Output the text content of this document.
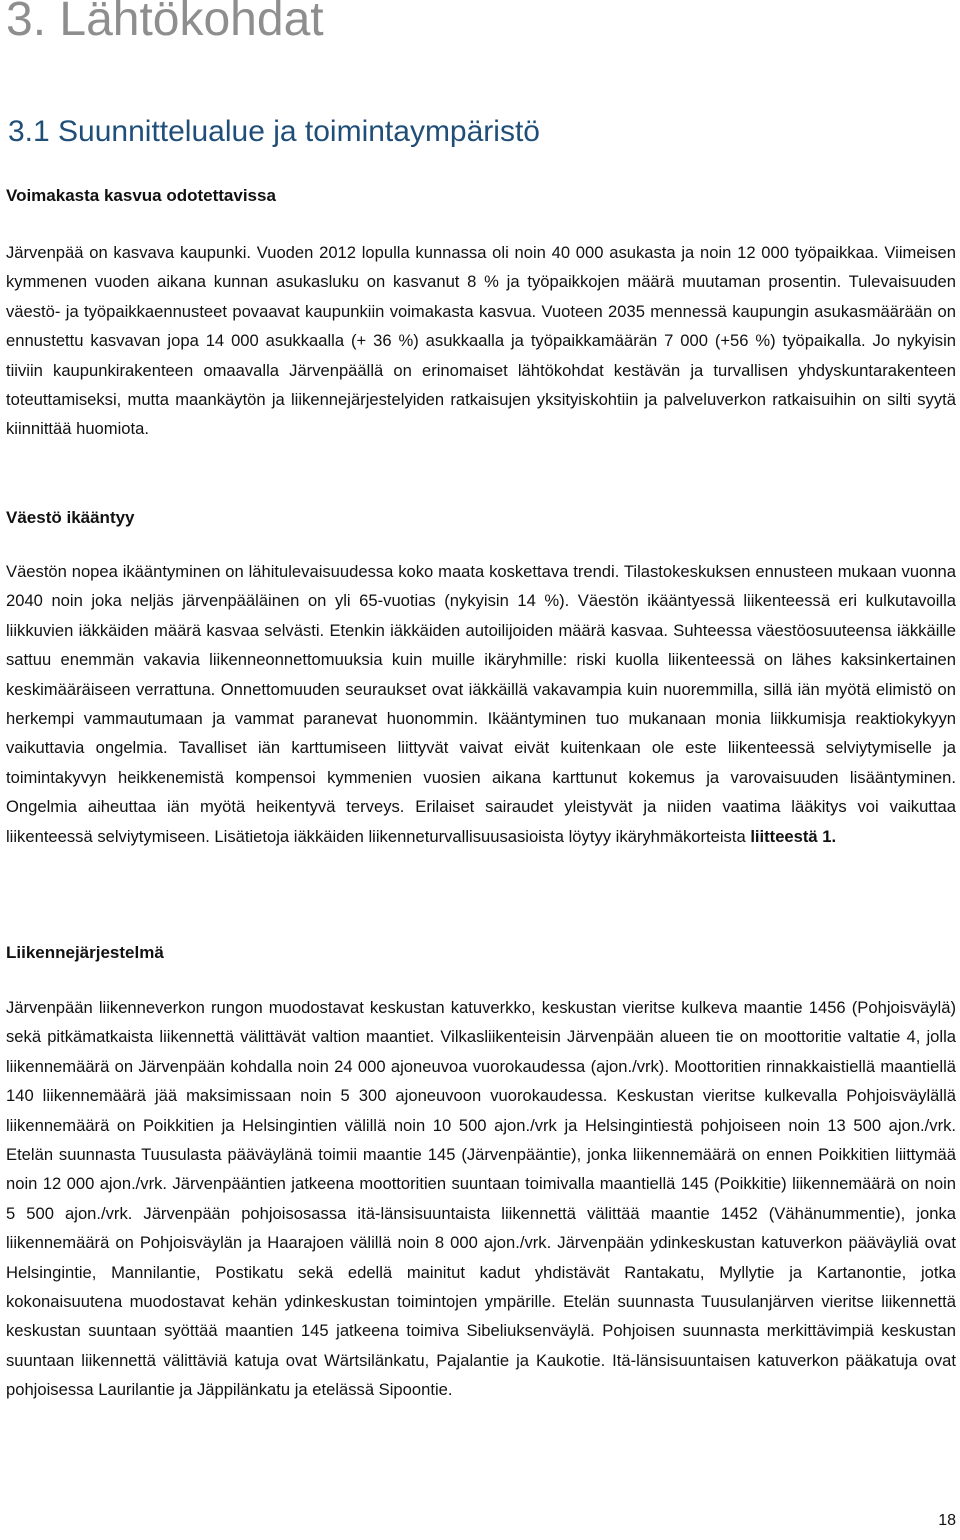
3. Lähtökohdat
3.1 Suunnittelualue ja toimintaympäristö
Voimakasta kasvua odotettavissa

Järvenpää on kasvava kaupunki. Vuoden 2012 lopulla kunnassa oli noin 40 000 asukasta ja noin 12 000 työpaikkaa. Viimeisen kymmenen vuoden aikana kunnan asukasluku on kasvanut 8 % ja työpaikkojen määrä muutaman prosentin. Tulevaisuuden väestö- ja työpaikkaennusteet povaavat kaupunkiin voimakasta kasvua. Vuoteen 2035 mennessä kaupungin asukasmäärään on ennustettu kasvavan jopa 14 000 asukkaalla (+ 36 %) asukkaalla ja työpaikkamäärän 7 000 (+56 %) työpaikalla. Jo nykyisin tiiviin kaupunkirakenteen omaavalla Järvenpäällä on erinomaiset lähtökohdat kestävän ja turvallisen yhdyskuntarakenteen toteuttamiseksi, mutta maankäytön ja liikennejärjestelyiden ratkaisujen yksityiskohtiin ja palveluverkon ratkaisuihin on silti syytä kiinnittää huomiota.

Väestö ikääntyy

Väestön nopea ikääntyminen on lähitulevaisuudessa koko maata koskettava trendi. Tilastokeskuksen ennusteen mukaan vuonna 2040 noin joka neljäs järvenpääläinen on yli 65-vuotias (nykyisin 14 %). Väestön ikääntyessä liikenteessä eri kulkutavoilla liikkuvien iäkkäiden määrä kasvaa selvästi. Etenkin iäkkäiden autoilijoiden määrä kasvaa. Suhteessa väestöosuuteensa iäkkäille sattuu enemmän vakavia liikenneonnettomuuksia kuin muille ikäryhmille: riski kuolla liikenteessä on lähes kaksinkertainen keskimääräiseen verrattuna. Onnettomuuden seuraukset ovat iäkkäillä vakavampia kuin nuoremmilla, sillä iän myötä elimistö on herkempi vammautumaan ja vammat paranevat huonommin. Ikääntyminen tuo mukanaan monia liikkumisja reaktiokykyyn vaikuttavia ongelmia. Tavalliset iän karttumiseen liittyvät vaivat eivät kuitenkaan ole este liikenteessä selviytymiselle ja toimintakyvyn heikkenemistä kompensoi kymmenien vuosien aikana karttunut kokemus ja varovaisuuden lisääntyminen. Ongelmia aiheuttaa iän myötä heikentyvä terveys. Erilaiset sairaudet yleistyvät ja niiden vaatima lääkitys voi vaikuttaa liikenteessä selviytymiseen. Lisätietoja iäkkäiden liikenneturvallisuusasioista löytyy ikäryhmäkorteista liitteestä 1.

Liikennejärjestelmä

Järvenpään liikenneverkon rungon muodostavat keskustan katuverkko, keskustan vieritse kulkeva maantie 1456 (Pohjoisväylä) sekä pitkämatkaista liikennettä välittävät valtion maantiet. Vilkasliikenteisin Järvenpään alueen tie on moottoritie valtatie 4, jolla liikennemäärä on Järvenpään kohdalla noin 24 000 ajoneuvoa vuorokaudessa (ajon./vrk). Moottoritien rinnakkaistiellä maantiellä 140 liikennemäärä jää maksimissaan noin 5 300 ajoneuvoon vuorokaudessa. Keskustan vieritse kulkevalla Pohjoisväylällä liikennemäärä on Poikkitien ja Helsingintien välillä noin 10 500 ajon./vrk ja Helsingintiestä pohjoiseen noin 13 500 ajon./vrk. Etelän suunnasta Tuusulasta pääväylänä toimii maantie 145 (Järvenpääntie), jonka liikennemäärä on ennen Poikkitien liittymää noin 12 000 ajon./vrk. Järvenpääntien jatkeena moottoritien suuntaan toimivalla maantiellä 145 (Poikkitie) liikennemäärä on noin 5 500 ajon./vrk. Järvenpään pohjoisosassa itä-länsisuuntaista liikennettä välittää maantie 1452 (Vähänummentie), jonka liikennemäärä on Pohjoisväylän ja Haarajoen välillä noin 8 000 ajon./vrk. Järvenpään ydinkeskustan katuverkon pääväyliä ovat Helsingintie, Mannilantie, Postikatu sekä edellä mainitut kadut yhdistävät Rantakatu, Myllytie ja Kartanontie, jotka kokonaisuutena muodostavat kehän ydinkeskustan toimintojen ympärille. Etelän suunnasta Tuusulanjärven vieritse liikennettä keskustan suuntaan syöttää maantien 145 jatkeena toimiva Sibeliuksenväylä. Pohjoisen suunnasta merkittävimpiä keskustan suuntaan liikennettä välittäviä katuja ovat Wärtsilänkatu, Pajalantie ja Kaukotie. Itä-länsisuuntaisen katuverkon pääkatuja ovat pohjoisessa Laurilantie ja Jäppilänkatu ja etelässä Sipoontie.

18
